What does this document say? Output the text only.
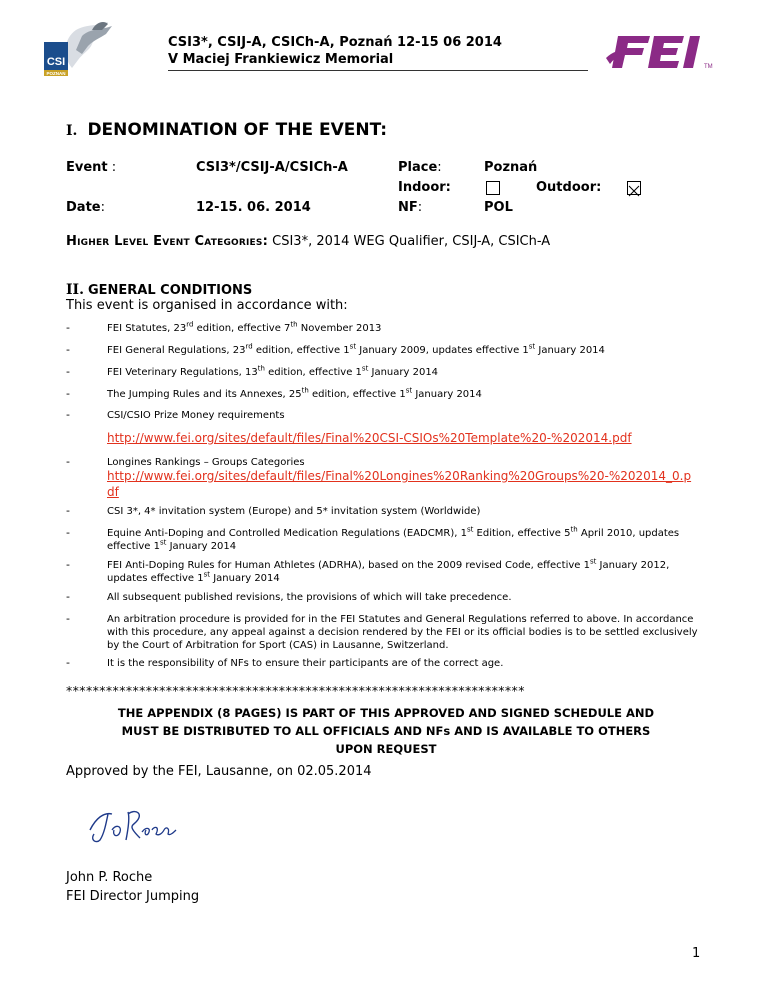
CSI
POZNAN
CSI3*, CSIJ-A, CSICh-A, Poznań 12-15 06 2014
V Maciej Frankiewicz Memorial	TM
I. DENOMINATION OF THE EVENT:
Event :	CSI3*/CSIJ-A/CSICh-A	Place:	Poznań
Indoor:	Outdoor:
Date:	12-15. 06. 2014	NF:	POL
Higher Level Event Categories: CSI3*, 2014 WEG Qualifier, CSIJ-A, CSICh-A
II. GENERAL CONDITIONS
This event is organised in accordance with:
-	FEI Statutes, 23rd edition, effective 7th November 2013
-	FEI General Regulations, 23rd edition, effective 1st January 2009, updates effective 1st January 2014
-	FEI Veterinary Regulations, 13th edition, effective 1st January 2014
-	The Jumping Rules and its Annexes, 25th edition, effective 1st January 2014
-	CSI/CSIO Prize Money requirements
http://www.fei.org/sites/default/files/Final%20CSI-CSIOs%20Template%20-%202014.pdf
-	Longines Rankings – Groups Categories
http://www.fei.org/sites/default/files/Final%20Longines%20Ranking%20Groups%20-%202014_0.pdf
-	CSI 3*, 4* invitation system (Europe) and 5* invitation system (Worldwide)
-	Equine Anti-Doping and Controlled Medication Regulations (EADCMR), 1st Edition, effective 5th April 2010, updates effective 1st January 2014
-	FEI Anti-Doping Rules for Human Athletes (ADRHA), based on the 2009 revised Code, effective 1st January 2012, updates effective 1st January 2014
-	All subsequent published revisions, the provisions of which will take precedence.
-	An arbitration procedure is provided for in the FEI Statutes and General Regulations referred to above. In accordance with this procedure, any appeal against a decision rendered by the FEI or its official bodies is to be settled exclusively by the Court of Arbitration for Sport (CAS) in Lausanne, Switzerland.
-	It is the responsibility of NFs to ensure their participants are of the correct age.
*********************************************************************
THE APPENDIX (8 PAGES) IS PART OF THIS APPROVED AND SIGNED SCHEDULE AND
MUST BE DISTRIBUTED TO ALL OFFICIALS AND NFs AND IS AVAILABLE TO OTHERS
UPON REQUEST
Approved by the FEI, Lausanne, on 02.05.2014
John P. Roche
FEI Director Jumping
1
